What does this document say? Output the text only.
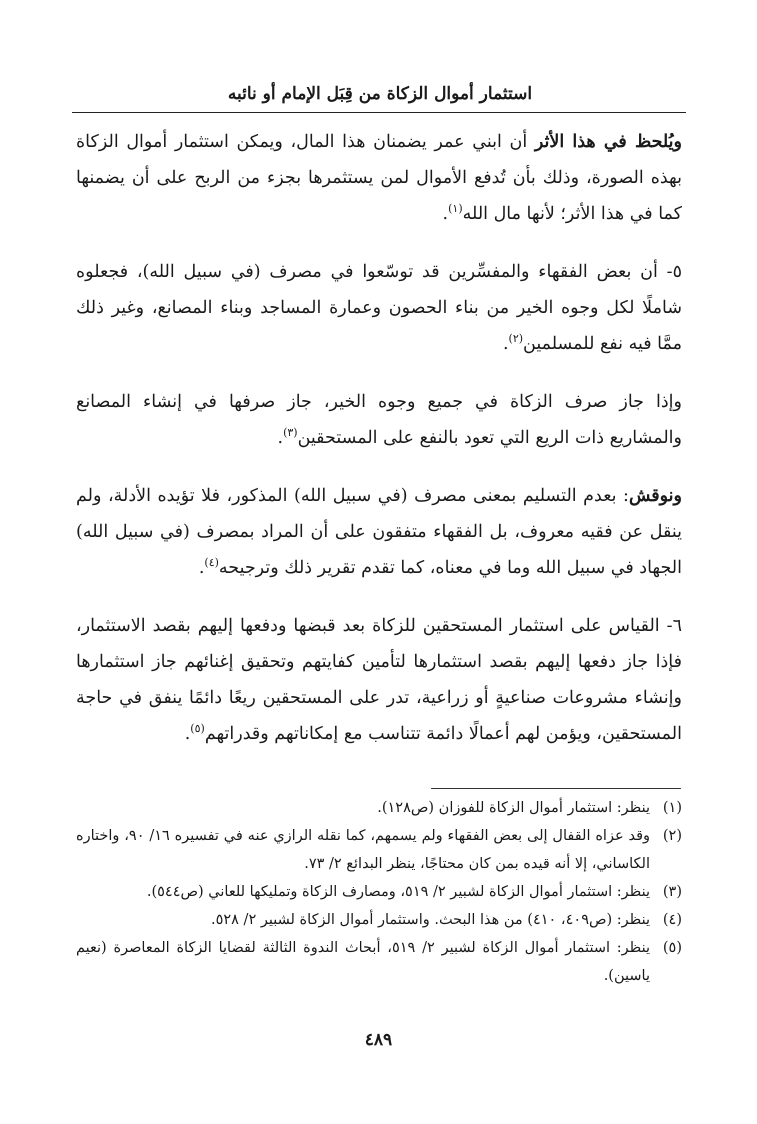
استثمار أموال الزكاة من قِبَل الإمام أو نائبه

ويُلحظ في هذا الأثر أن ابني عمر يضمنان هذا المال، ويمكن استثمار أموال الزكاة بهذه الصورة، وذلك بأن تُدفع الأموال لمن يستثمرها بجزء من الربح على أن يضمنها كما في هذا الأثر؛ لأنها مال الله$^{(١)}$.

٥- أن بعض الفقهاء والمفسِّرين قد توسّعوا في مصرف (في سبيل الله)، فجعلوه شاملًا لكل وجوه الخير من بناء الحصون وعمارة المساجد وبناء المصانع، وغير ذلك ممَّا فيه نفع للمسلمين$^{(٢)}$.

وإذا جاز صرف الزكاة في جميع وجوه الخير، جاز صرفها في إنشاء المصانع والمشاريع ذات الريع التي تعود بالنفع على المستحقين$^{(٣)}$.

ونوقش: بعدم التسليم بمعنى مصرف (في سبيل الله) المذكور، فلا تؤيده الأدلة، ولم ينقل عن فقيه معروف، بل الفقهاء متفقون على أن المراد بمصرف (في سبيل الله) الجهاد في سبيل الله وما في معناه، كما تقدم تقرير ذلك وترجيحه$^{(٤)}$.

٦- القياس على استثمار المستحقين للزكاة بعد قبضها ودفعها إليهم بقصد الاستثمار، فإذا جاز دفعها إليهم بقصد استثمارها لتأمين كفايتهم وتحقيق إغنائهم جاز استثمارها وإنشاء مشروعات صناعيةٍ أو زراعية، تدر على المستحقين ريعًا دائمًا ينفق في حاجة المستحقين، ويؤمن لهم أعمالًا دائمة تتناسب مع إمكاناتهم وقدراتهم$^{(٥)}$.

(١)
ينظر: استثمار أموال الزكاة للفوزان (ص١٢٨).
(٢)
وقد عزاه القفال إلى بعض الفقهاء ولم يسمهم، كما نقله الرازي عنه في تفسيره ١٦/ ٩٠، واختاره الكاساني، إلا أنه قيده بمن كان محتاجًا، ينظر البدائع ٢/ ٧٣.
(٣)
ينظر: استثمار أموال الزكاة لشبير ٢/ ٥١٩، ومصارف الزكاة وتمليكها للعاني (ص٥٤٤).
(٤)
ينظر: (ص٤٠٩، ٤١٠) من هذا البحث. واستثمار أموال الزكاة لشبير ٢/ ٥٢٨.
(٥)
ينظر: استثمار أموال الزكاة لشبير ٢/ ٥١٩، أبحاث الندوة الثالثة لقضايا الزكاة المعاصرة (نعيم ياسين).
٤٨٩
